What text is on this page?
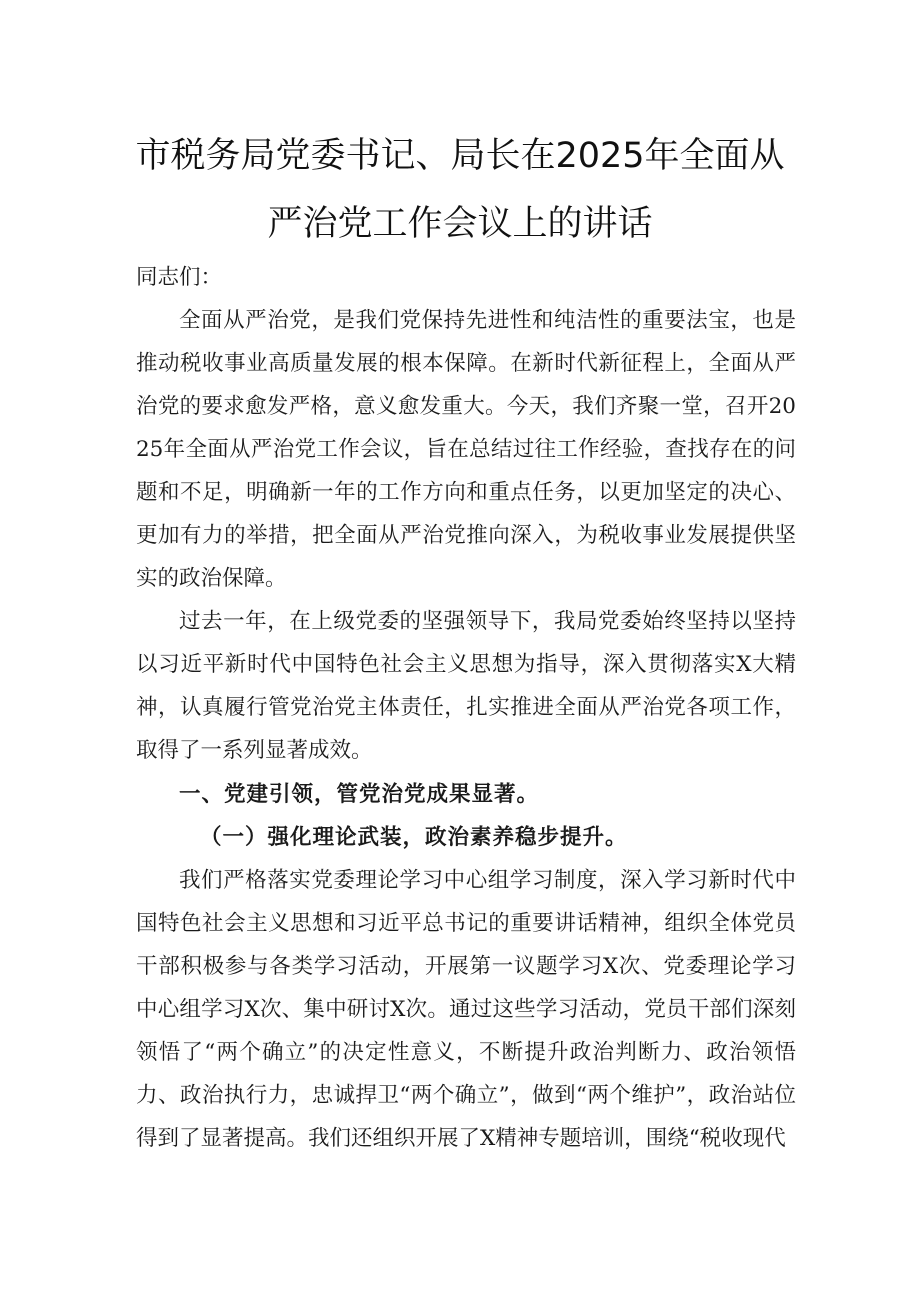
市税务局党委书记、局长在2025年全面从
严治党工作会议上的讲话
同志们：
全面从严治党，是我们党保持先进性和纯洁性的重要法宝，也是推动税收事业高质量发展的根本保障。在新时代新征程上，全面从严治党的要求愈发严格，意义愈发重大。今天，我们齐聚一堂，召开2025年全面从严治党工作会议，旨在总结过往工作经验，查找存在的问题和不足，明确新一年的工作方向和重点任务，以更加坚定的决心、更加有力的举措，把全面从严治党推向深入，为税收事业发展提供坚实的政治保障。
过去一年，在上级党委的坚强领导下，我局党委始终坚持以坚持以习近平新时代中国特色社会主义思想为指导，深入贯彻落实X大精神，认真履行管党治党主体责任，扎实推进全面从严治党各项工作，取得了一系列显著成效。
一、党建引领，管党治党成果显著。
（一）强化理论武装，政治素养稳步提升。
我们严格落实党委理论学习中心组学习制度，深入学习新时代中国特色社会主义思想和习近平总书记的重要讲话精神，组织全体党员干部积极参与各类学习活动，开展第一议题学习X次、党委理论学习中心组学习X次、集中研讨X次。通过这些学习活动，党员干部们深刻领悟了“两个确立”的决定性意义，不断提升政治判断力、政治领悟力、政治执行力，忠诚捍卫“两个确立”，做到“两个维护”，政治站位得到了显著提高。我们还组织开展了X精神专题培训，围绕“税收现代
